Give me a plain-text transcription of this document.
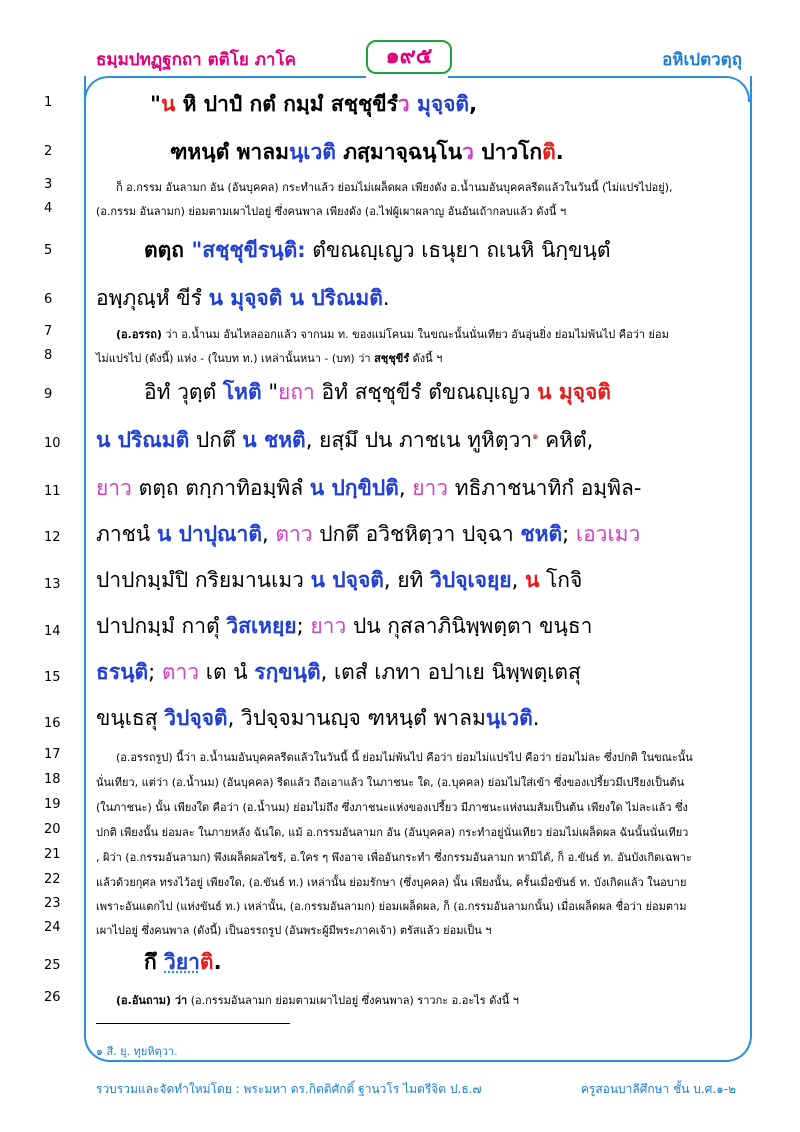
ธมฺมปทฏฺฐกถา ตติโย ภาโค	๑๙๕	อหิเปตวตฺถุ
1	"น หิ ปาปํ กตํ กมฺมํ สชฺชุขีรํว มุจฺจติ,
2	ฑหนฺตํ พาลมนฺเวติ ภสฺมาจฺฉนฺโนว ปาวโกติ.
3	ก็ อ.กรรม อันลามก อัน (อันบุคคล) กระทำแล้ว ย่อมไม่เผล็ดผล เพียงดัง อ.น้ำนมอันบุคคลรีดแล้วในวันนี้ (ไม่แปรไปอยู่),
4	(อ.กรรม อันลามก) ย่อมตามเผาไปอยู่ ซึ่งคนพาล เพียงดัง (อ.ไฟผู้เผาผลาญ อันอันเถ้ากลบแล้ว ดังนี้ ฯ
5	ตตฺถ "สชฺชุขีรนฺติ: ตํขณญฺเญว เธนุยา ถเนหิ นิกฺขนฺตํ
6	อพฺภุณฺหํ ขีรํ น มุจฺจติ น ปริณมติ.
7	(อ.อรรถ) ว่า อ.น้ำนม อันไหลออกแล้ว จากนม ท. ของแม่โคนม ในขณะนั้นนั่นเทียว อันอุ่นยิ่ง ย่อมไม่พ้นไป คือว่า ย่อม
8	ไม่แปรไป (ดังนี้) แห่ง - (ในบท ท.) เหล่านั้นหนา - (บท) ว่า สชฺชุขีรํ ดังนี้ ฯ
9	อิทํ วุตฺตํ โหติ "ยถา อิทํ สชฺชุขีรํ ตํขณญฺเญว น มุจฺจติ
10	น ปริณมติ ปกตึ น ชหติ, ยสฺมึ ปน ภาชเน ทูหิตฺวา$^๑$ คหิตํ,
11	ยาว ตตฺถ ตกฺกาทิอมฺพิลํ น ปกฺขิปติ, ยาว ทธิภาชนาทิกํ อมฺพิล-
12	ภาชนํ น ปาปุณาติ, ตาว ปกตึ อวิชหิตฺวา ปจฺฉา ชหติ; เอวเมว
13	ปาปกมฺมํปิ กริยมานเมว น ปจฺจติ, ยทิ วิปจฺเจยฺย, น โกจิ
14	ปาปกมฺมํ กาตุํ วิสเหยฺย; ยาว ปน กุสลาภินิพฺพตฺตา ขนฺธา
15	ธรนฺติ; ตาว เต นํ รกฺขนฺติ, เตสํ เภทา อปาเย นิพฺพตฺเตสุ
16	ขนฺเธสุ วิปจฺจติ, วิปจฺจมานญฺจ ฑหนฺตํ พาลมนฺเวติ.
17	(อ.อรรถรูป) นี้ว่า อ.น้ำนมอันบุคคลรีดแล้วในวันนี้ นี้ ย่อมไม่พ้นไป คือว่า ย่อมไม่แปรไป คือว่า ย่อมไม่ละ ซึ่งปกติ ในขณะนั้น
18	นั่นเทียว, แต่ว่า (อ.น้ำนม) (อันบุคคล) รีดแล้ว ถือเอาแล้ว ในภาชนะ ใด, (อ.บุคคล) ย่อมไม่ใส่เข้า ซึ่งของเปรี้ยวมีเปรียงเป็นต้น
19	(ในภาชนะ) นั้น เพียงใด คือว่า (อ.น้ำนม) ย่อมไม่ถึง ซึ่งภาชนะแห่งของเปรี้ยว มีภาชนะแห่งนมส้มเป็นต้น เพียงใด ไม่ละแล้ว ซึ่ง
20	ปกติ เพียงนั้น ย่อมละ ในภายหลัง ฉันใด, แม้ อ.กรรมอันลามก อัน (อันบุคคล) กระทำอยู่นั่นเทียว ย่อมไม่เผล็ดผล ฉันนั้นนั่นเทียว
21	, ผิว่า (อ.กรรมอันลามก) พึงเผล็ดผลไซร้, อ.ใคร ๆ พึงอาจ เพื่ออันกระทำ ซึ่งกรรมอันลามก หามิได้, ก็ อ.ขันธ์ ท. อันบังเกิดเฉพาะ
22	แล้วด้วยกุศล ทรงไว้อยู่ เพียงใด, (อ.ขันธ์ ท.) เหล่านั้น ย่อมรักษา (ซึ่งบุคคล) นั้น เพียงนั้น, ครั้นเมื่อขันธ์ ท. บังเกิดแล้ว ในอบาย
23	เพราะอันแตกไป (แห่งขันธ์ ท.) เหล่านั้น, (อ.กรรมอันลามก) ย่อมเผล็ดผล, ก็ (อ.กรรมอันลามกนั้น) เมื่อเผล็ดผล ชื่อว่า ย่อมตาม
24	เผาไปอยู่ ซึ่งคนพาล (ดังนี้) เป็นอรรถรูป (อันพระผู้มีพระภาคเจ้า) ตรัสแล้ว ย่อมเป็น ฯ
25	กึ วิยาติ.
26	(อ.อันถาม) ว่า (อ.กรรมอันลามก ย่อมตามเผาไปอยู่ ซึ่งคนพาล) ราวกะ อ.อะไร ดังนี้ ฯ
๑ สี. ยุ. ทุยหิตฺวา.
รวบรวมและจัดทำใหม่โดย : พระมหา ดร.กิตติศักดิ์ ฐานวโร ไมตรีจิต ป.ธ.๗	ครูสอนบาลีศึกษา ชั้น บ.ศ.๑-๒
